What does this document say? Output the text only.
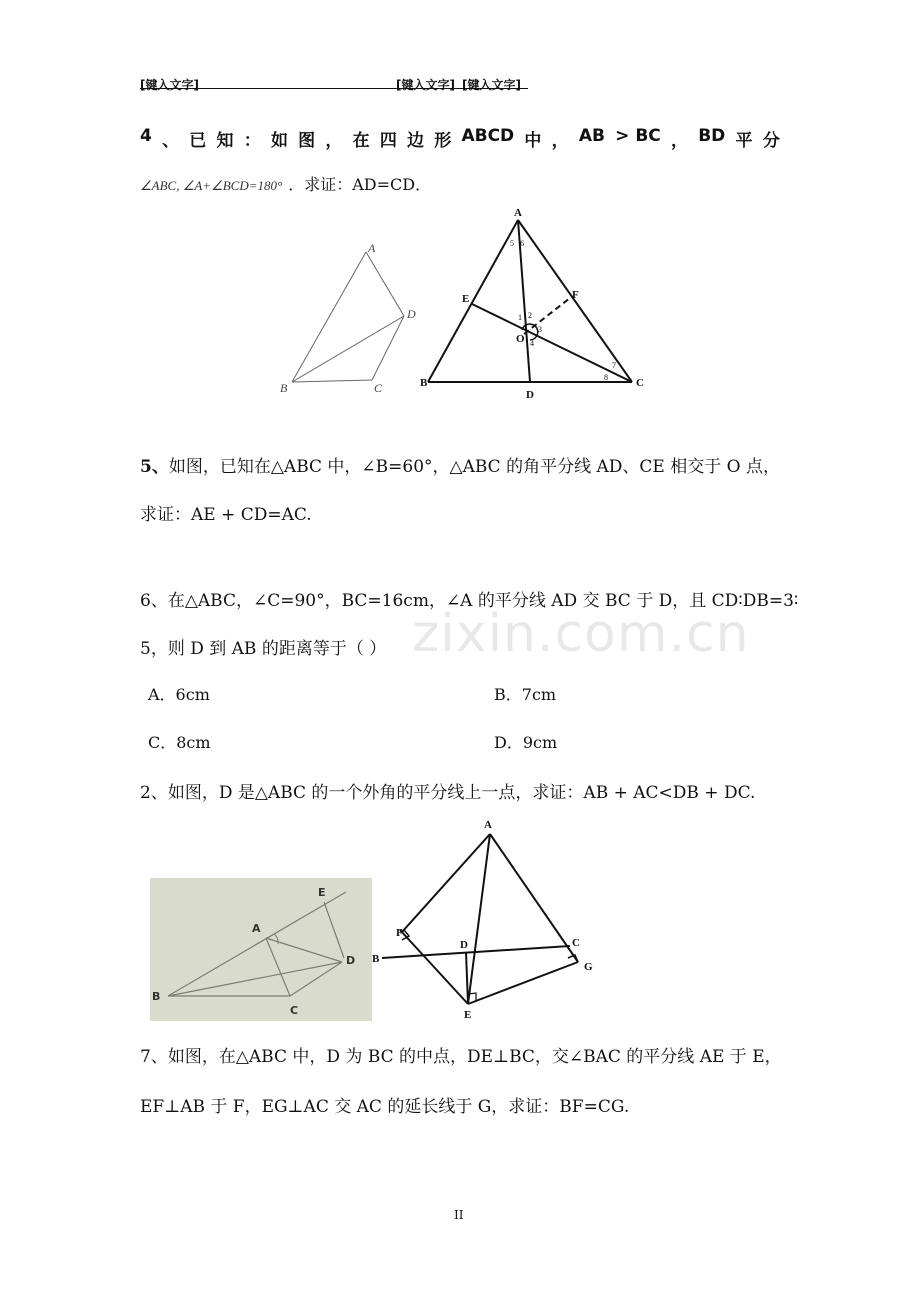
[键入文字]	[键入文字] [键入文字]
4 、 已 知 ： 如 图 ， 在 四 边 形 ABCD 中 ， AB > BC ， BD 平 分
∠ABC, ∠A+∠BCD=180° ．求证：AD=CD．
A
D
B	C
A
E	F
O
B
D
C
1 2
3
4
5 6
7
8
5、如图，已知在△ABC 中，∠B=60°，△ABC 的角平分线 AD、CE 相交于 O 点，
求证：AE + CD=AC.
6、在△ABC，∠C=90°，BC=16cm，∠A 的平分线 AD 交 BC 于 D，且 CD∶DB=3∶
5，则 D 到 AB 的距离等于（ ） zixin.com.cn
A．6cm	B．7cm
C．8cm	D．9cm
2、如图，D 是△ABC 的一个外角的平分线上一点，求证：AB + AC<DB + DC.
E
A
D
B
C
A
F
D	C
B
G
E
7、如图，在△ABC 中，D 为 BC 的中点，DE⊥BC，交∠BAC 的平分线 AE 于 E，
EF⊥AB 于 F，EG⊥AC 交 AC 的延长线于 G，求证：BF=CG.
II
